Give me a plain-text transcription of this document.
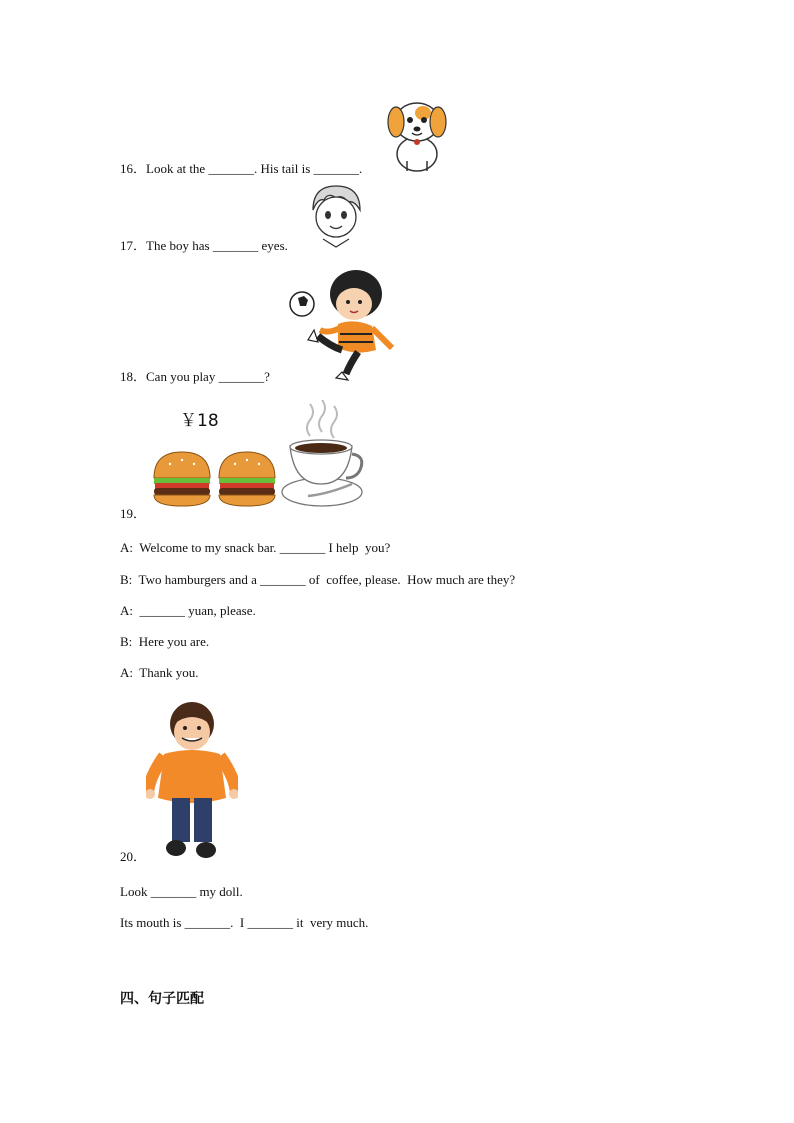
16．Look at the _______. His tail is _______.
17．The boy has _______ eyes.
18．Can you play _______?
￥18
19．
A:  Welcome to my snack bar. _______ I help  you?
B:  Two hamburgers and a _______ of  coffee, please.  How much are they?
A:  _______ yuan, please.
B:  Here you are.
A:  Thank you.
20．
Look _______ my doll.
Its mouth is _______.  I _______ it  very much.
四、句子匹配
